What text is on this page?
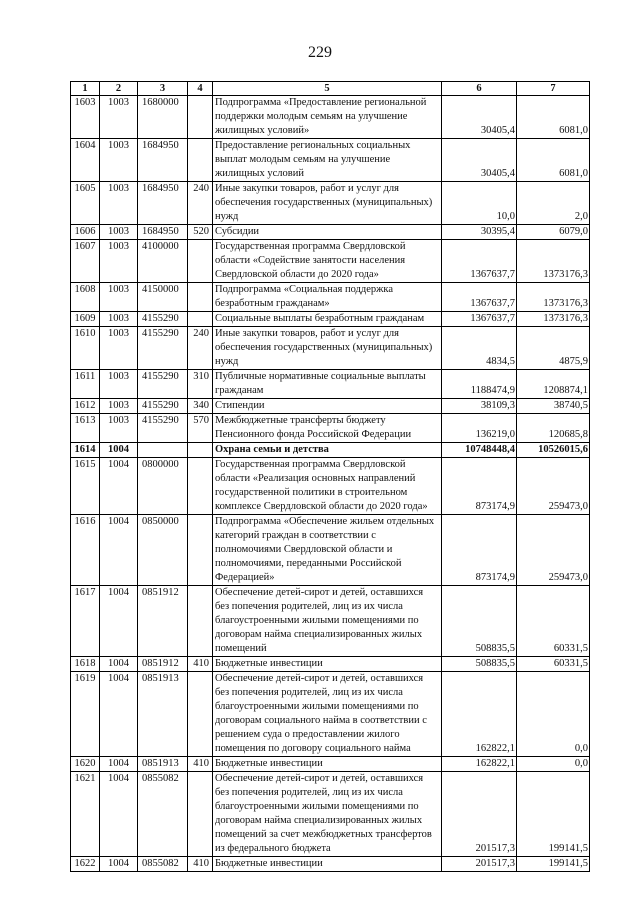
229
1	2	3	4	5	6	7
1603	1003	1680000		Подпрограмма «Предоставление региональной поддержки молодым семьям на улучшение жилищных условий»	30405,4	6081,0
1604	1003	1684950		Предоставление региональных социальных выплат молодым семьям на улучшение жилищных условий	30405,4	6081,0
1605	1003	1684950	240	Иные закупки товаров, работ и услуг для обеспечения государственных (муниципальных) нужд	10,0	2,0
1606	1003	1684950	520	Субсидии	30395,4	6079,0
1607	1003	4100000		Государственная программа Свердловской области «Содействие занятости населения Свердловской области до 2020 года»	1367637,7	1373176,3
1608	1003	4150000		Подпрограмма «Социальная поддержка безработным гражданам»	1367637,7	1373176,3
1609	1003	4155290		Социальные выплаты безработным гражданам	1367637,7	1373176,3
1610	1003	4155290	240	Иные закупки товаров, работ и услуг для обеспечения государственных (муниципальных) нужд	4834,5	4875,9
1611	1003	4155290	310	Публичные нормативные социальные выплаты гражданам	1188474,9	1208874,1
1612	1003	4155290	340	Стипендии	38109,3	38740,5
1613	1003	4155290	570	Межбюджетные трансферты бюджету Пенсионного фонда Российской Федерации	136219,0	120685,8
1614	1004			Охрана семьи и детства	10748448,4	10526015,6
1615	1004	0800000		Государственная программа Свердловской области «Реализация основных направлений государственной политики в строительном комплексе Свердловской области до 2020 года»	873174,9	259473,0
1616	1004	0850000		Подпрограмма «Обеспечение жильем отдельных категорий граждан в соответствии с полномочиями Свердловской области и полномочиями, переданными Российской Федерацией»	873174,9	259473,0
1617	1004	0851912		Обеспечение детей-сирот и детей, оставшихся без попечения родителей, лиц из их числа благоустроенными жилыми помещениями по договорам найма специализированных жилых помещений	508835,5	60331,5
1618	1004	0851912	410	Бюджетные инвестиции	508835,5	60331,5
1619	1004	0851913		Обеспечение детей-сирот и детей, оставшихся без попечения родителей, лиц из их числа благоустроенными жилыми помещениями по договорам социального найма в соответствии с решением суда о предоставлении жилого помещения по договору социального найма	162822,1	0,0
1620	1004	0851913	410	Бюджетные инвестиции	162822,1	0,0
1621	1004	0855082		Обеспечение детей-сирот и детей, оставшихся без попечения родителей, лиц из их числа благоустроенными жилыми помещениями по договорам найма специализированных жилых помещений за счет межбюджетных трансфертов из федерального бюджета	201517,3	199141,5
1622	1004	0855082	410	Бюджетные инвестиции	201517,3	199141,5
